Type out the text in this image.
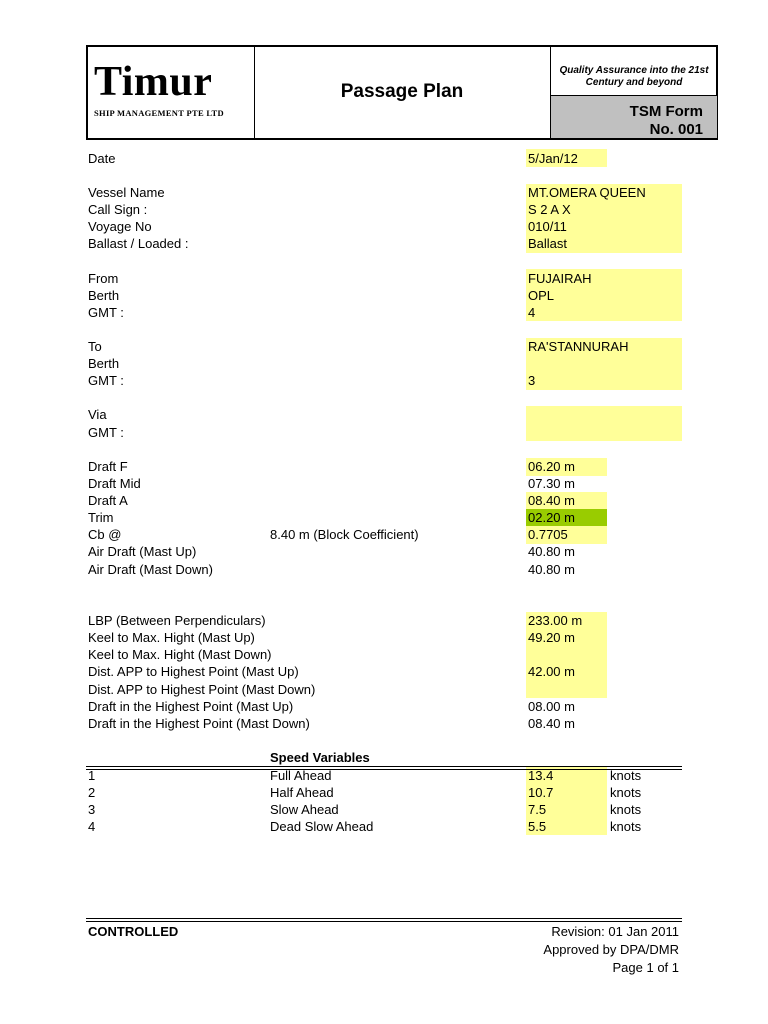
Timur
SHIP MANAGEMENT PTE LTD
Passage Plan
Quality Assurance into the 21st Century and beyond
TSM Form
No. 001
Date	5/Jan/12
Vessel Name	MT.OMERA QUEEN
Call Sign :	S 2 A X
Voyage No	010/11
Ballast / Loaded :	Ballast
From	FUJAIRAH
Berth	OPL
GMT :	4
To	RA'STANNURAH
Berth
GMT :	3
Via
GMT :
Draft F	06.20 m
Draft Mid	07.30 m
Draft A	08.40 m
Trim	02.20 m
Cb @	8.40 m (Block Coefficient)	0.7705
Air Draft (Mast Up)	40.80 m
Air Draft (Mast Down)	40.80 m
LBP (Between Perpendiculars)	233.00 m
Keel to Max. Hight (Mast Up)	49.20 m
Keel to Max. Hight (Mast Down)
Dist. APP to Highest Point (Mast Up)	42.00 m
Dist. APP to Highest Point (Mast Down)
Draft in the Highest Point (Mast Up)	08.00 m
Draft in the Highest Point (Mast Down)	08.40 m
Speed Variables
1	Full Ahead	13.4	knots
2	Half Ahead	10.7	knots
3	Slow Ahead	7.5	knots
4	Dead Slow Ahead	5.5	knots
CONTROLLED	Revision: 01 Jan 2011
Approved by DPA/DMR
Page 1 of 1
